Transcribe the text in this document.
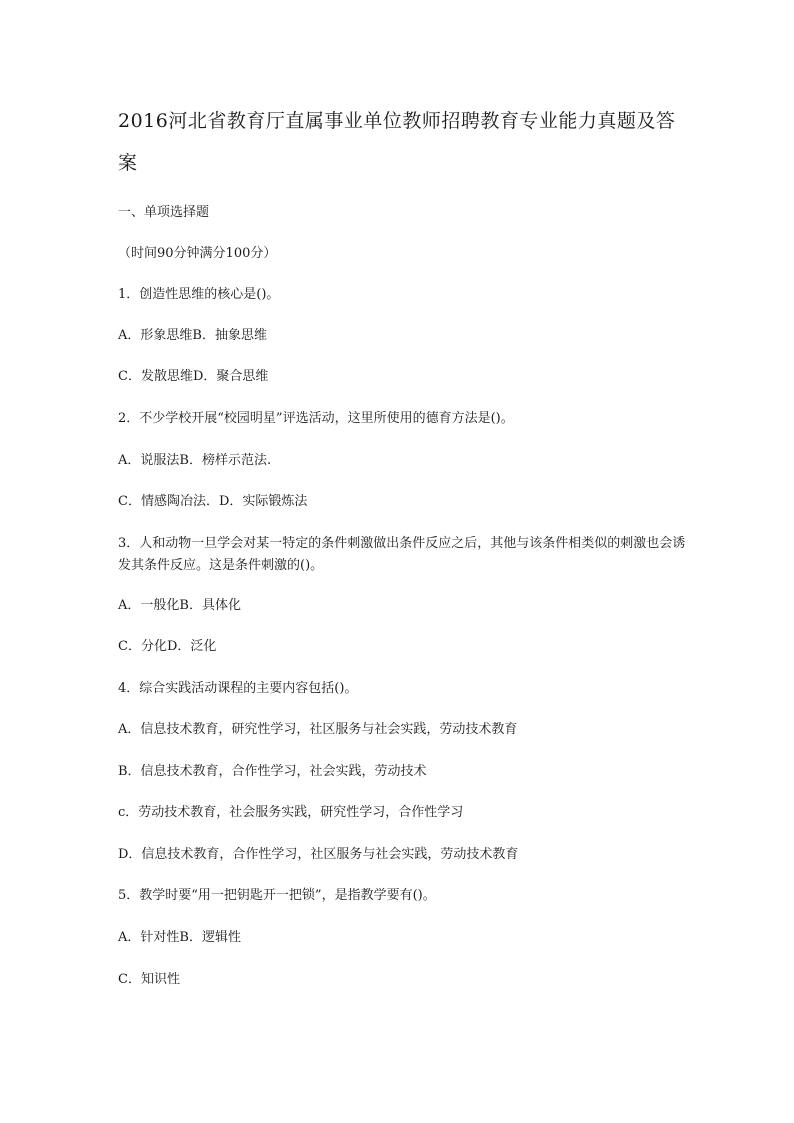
2016河北省教育厅直属事业单位教师招聘教育专业能力真题及答案

一、单项选择题

（时间90分钟满分100分）

1．创造性思维的核心是()。

A．形象思维B．抽象思维

C．发散思维D．聚合思维

2．不少学校开展“校园明星”评选活动，这里所使用的德育方法是()。

A．说服法B．榜样示范法.

C．情感陶冶法．D．实际锻炼法

3．人和动物一旦学会对某一特定的条件刺激做出条件反应之后，其他与该条件相类似的刺激也会诱发其条件反应。这是条件刺激的()。

A．一般化B．具体化

C．分化D．泛化

4．综合实践活动课程的主要内容包括()。

A．信息技术教育，研究性学习，社区服务与社会实践，劳动技术教育

B．信息技术教育，合作性学习，社会实践，劳动技术

c．劳动技术教育，社会服务实践，研究性学习，合作性学习

D．信息技术教育，合作性学习，社区服务与社会实践，劳动技术教育

5．教学时要“用一把钥匙开一把锁”，是指教学要有()。

A．针对性B．逻辑性

C．知识性
